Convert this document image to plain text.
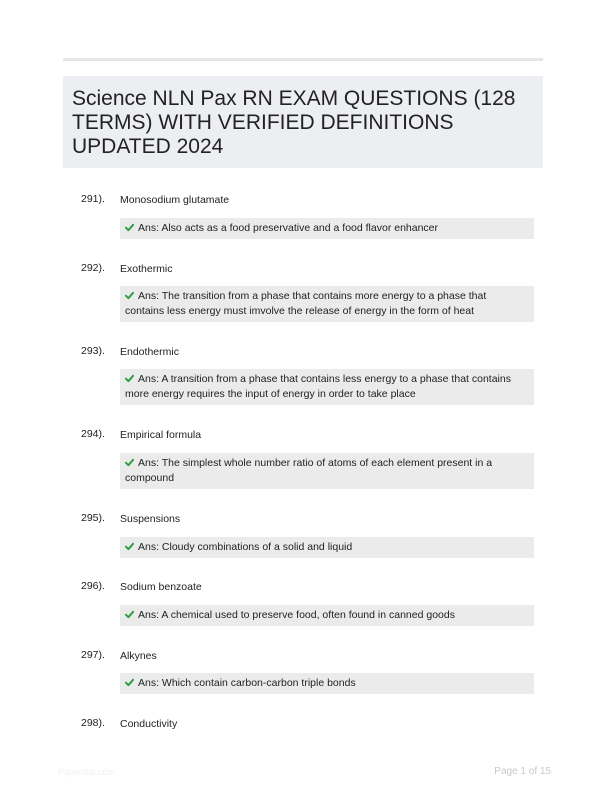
Science NLN Pax RN EXAM QUESTIONS (128 TERMS) WITH VERIFIED DEFINITIONS UPDATED 2024
291). Monosodium glutamate
Ans: Also acts as a food preservative and a food flavor enhancer
292). Exothermic
Ans: The transition from a phase that contains more energy to a phase that contains less energy must imvolve the release of energy in the form of heat
293). Endothermic
Ans: A transition from a phase that contains less energy to a phase that contains more energy requires the input of energy in order to take place
294). Empirical formula
Ans: The simplest whole number ratio of atoms of each element present in a compound
295). Suspensions
Ans: Cloudy combinations of a solid and liquid
296). Sodium benzoate
Ans: A chemical used to preserve food, often found in canned goods
297). Alkynes
Ans: Which contain carbon-carbon triple bonds
298). Conductivity
Paperlibs.com	Page 1 of 15
